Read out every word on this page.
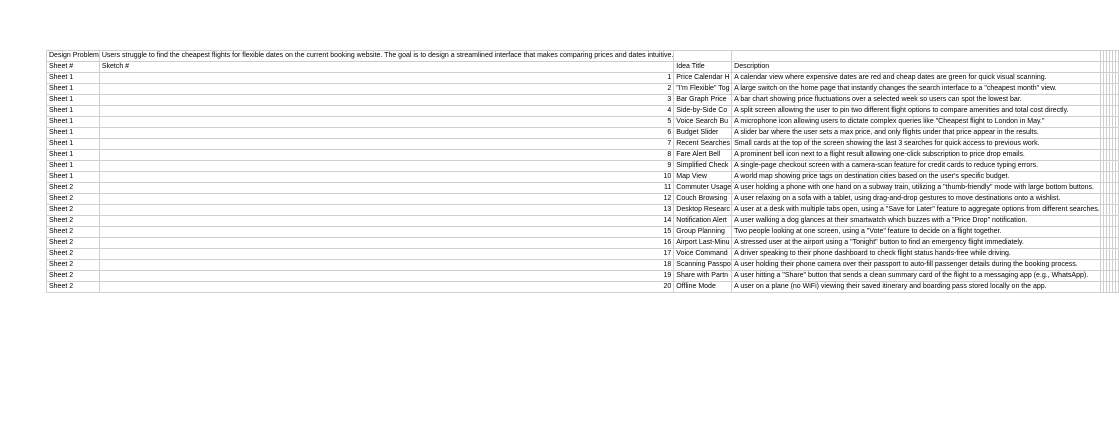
Design Problem	Users struggle to find the cheapest flights for flexible dates on the current booking website. The goal is to design a streamlined interface that makes comparing prices and dates intuitive.								
Sheet #	Sketch #	Idea Title	Description						
Sheet 1	1	Price Calendar H	A calendar view where expensive dates are red and cheap dates are green for quick visual scanning.						
Sheet 1	2	"I'm Flexible" Tog	A large switch on the home page that instantly changes the search interface to a "cheapest month" view.						
Sheet 1	3	Bar Graph Price	A bar chart showing price fluctuations over a selected week so users can spot the lowest bar.						
Sheet 1	4	Side-by-Side Co	A split screen allowing the user to pin two different flight options to compare amenities and total cost directly.						
Sheet 1	5	Voice Search Bu	A microphone icon allowing users to dictate complex queries like "Cheapest flight to London in May."						
Sheet 1	6	Budget Slider	A slider bar where the user sets a max price, and only flights under that price appear in the results.						
Sheet 1	7	Recent Searches	Small cards at the top of the screen showing the last 3 searches for quick access to previous work.						
Sheet 1	8	Fare Alert Bell	A prominent bell icon next to a flight result allowing one-click subscription to price drop emails.						
Sheet 1	9	Simplified Check	A single-page checkout screen with a camera-scan feature for credit cards to reduce typing errors.						
Sheet 1	10	Map View	A world map showing price tags on destination cities based on the user's specific budget.						
Sheet 2	11	Commuter Usage	A user holding a phone with one hand on a subway train, utilizing a "thumb-friendly" mode with large bottom buttons.						
Sheet 2	12	Couch Browsing	A user relaxing on a sofa with a tablet, using drag-and-drop gestures to move destinations onto a wishlist.						
Sheet 2	13	Desktop Researc	A user at a desk with multiple tabs open, using a "Save for Later" feature to aggregate options from different searches.						
Sheet 2	14	Notification Alert	A user walking a dog glances at their smartwatch which buzzes with a "Price Drop" notification.						
Sheet 2	15	Group Planning	Two people looking at one screen, using a "Vote" feature to decide on a flight together.						
Sheet 2	16	Airport Last-Minu	A stressed user at the airport using a "Tonight" button to find an emergency flight immediately.						
Sheet 2	17	Voice Command	A driver speaking to their phone dashboard to check flight status hands-free while driving.						
Sheet 2	18	Scanning Passpo	A user holding their phone camera over their passport to auto-fill passenger details during the booking process.						
Sheet 2	19	Share with Partn	A user hitting a "Share" button that sends a clean summary card of the flight to a messaging app (e.g., WhatsApp).						
Sheet 2	20	Offline Mode	A user on a plane (no WiFi) viewing their saved itinerary and boarding pass stored locally on the app.						
